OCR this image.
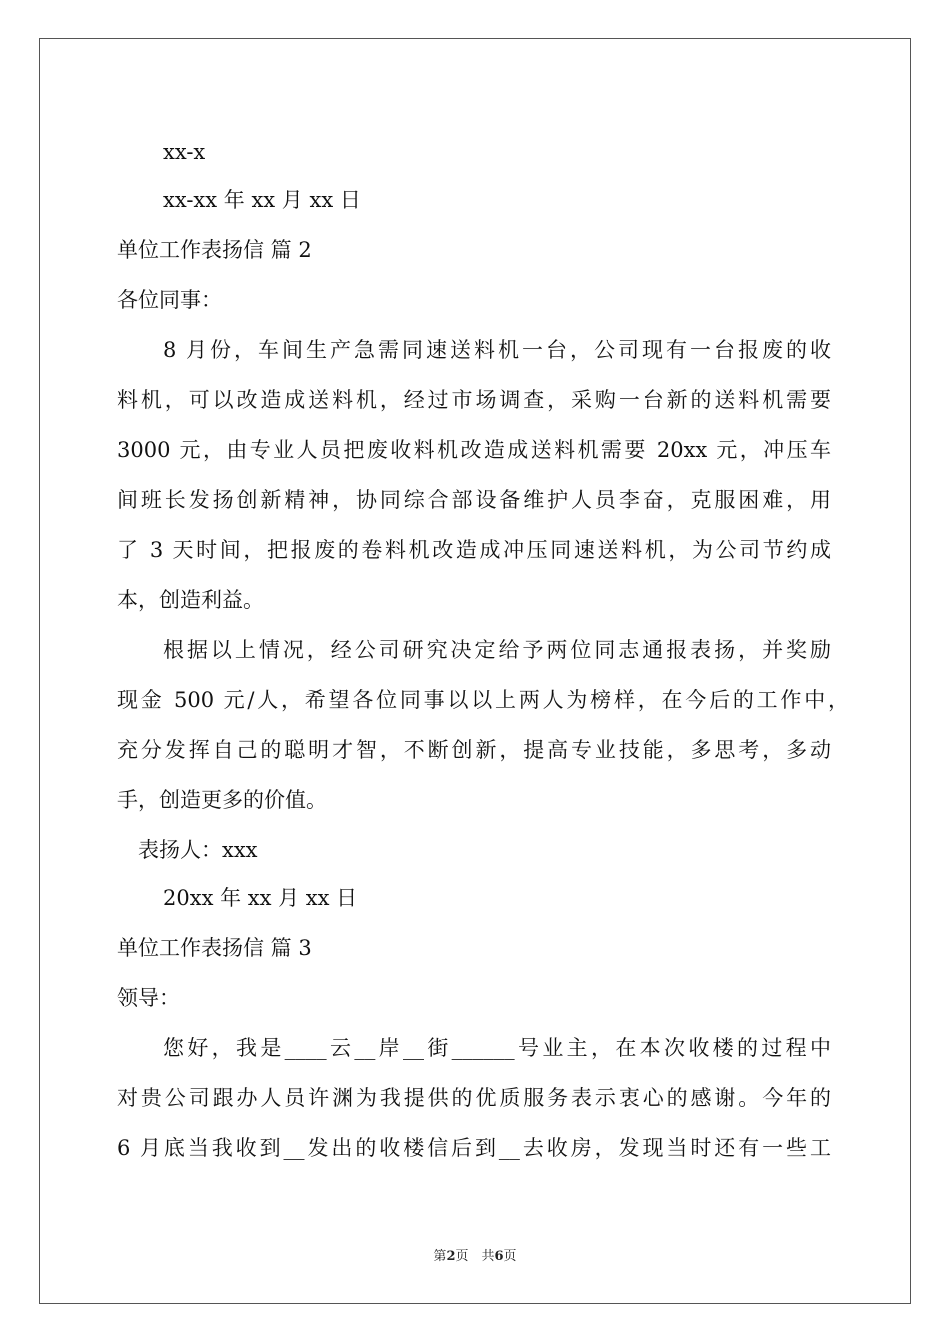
xx-x
xx-xx 年 xx 月 xx 日
单位工作表扬信 篇 2
各位同事：
8 月份，车间生产急需同速送料机一台，公司现有一台报废的收
料机，可以改造成送料机，经过市场调查，采购一台新的送料机需要
3000 元，由专业人员把废收料机改造成送料机需要 20xx 元，冲压车
间班长发扬创新精神，协同综合部设备维护人员李奋，克服困难，用
了 3 天时间，把报废的卷料机改造成冲压同速送料机，为公司节约成
本，创造利益。
根据以上情况，经公司研究决定给予两位同志通报表扬，并奖励
现金 500 元/人，希望各位同事以以上两人为榜样，在今后的工作中，
充分发挥自己的聪明才智，不断创新，提高专业技能，多思考，多动
手，创造更多的价值。
表扬人：xxx
20xx 年 xx 月 xx 日
单位工作表扬信 篇 3
领导：
您好，我是____云__岸__街______号业主，在本次收楼的过程中
对贵公司跟办人员许渊为我提供的优质服务表示衷心的感谢。今年的
6 月底当我收到__发出的收楼信后到__去收房，发现当时还有一些工
第2页　共6页
